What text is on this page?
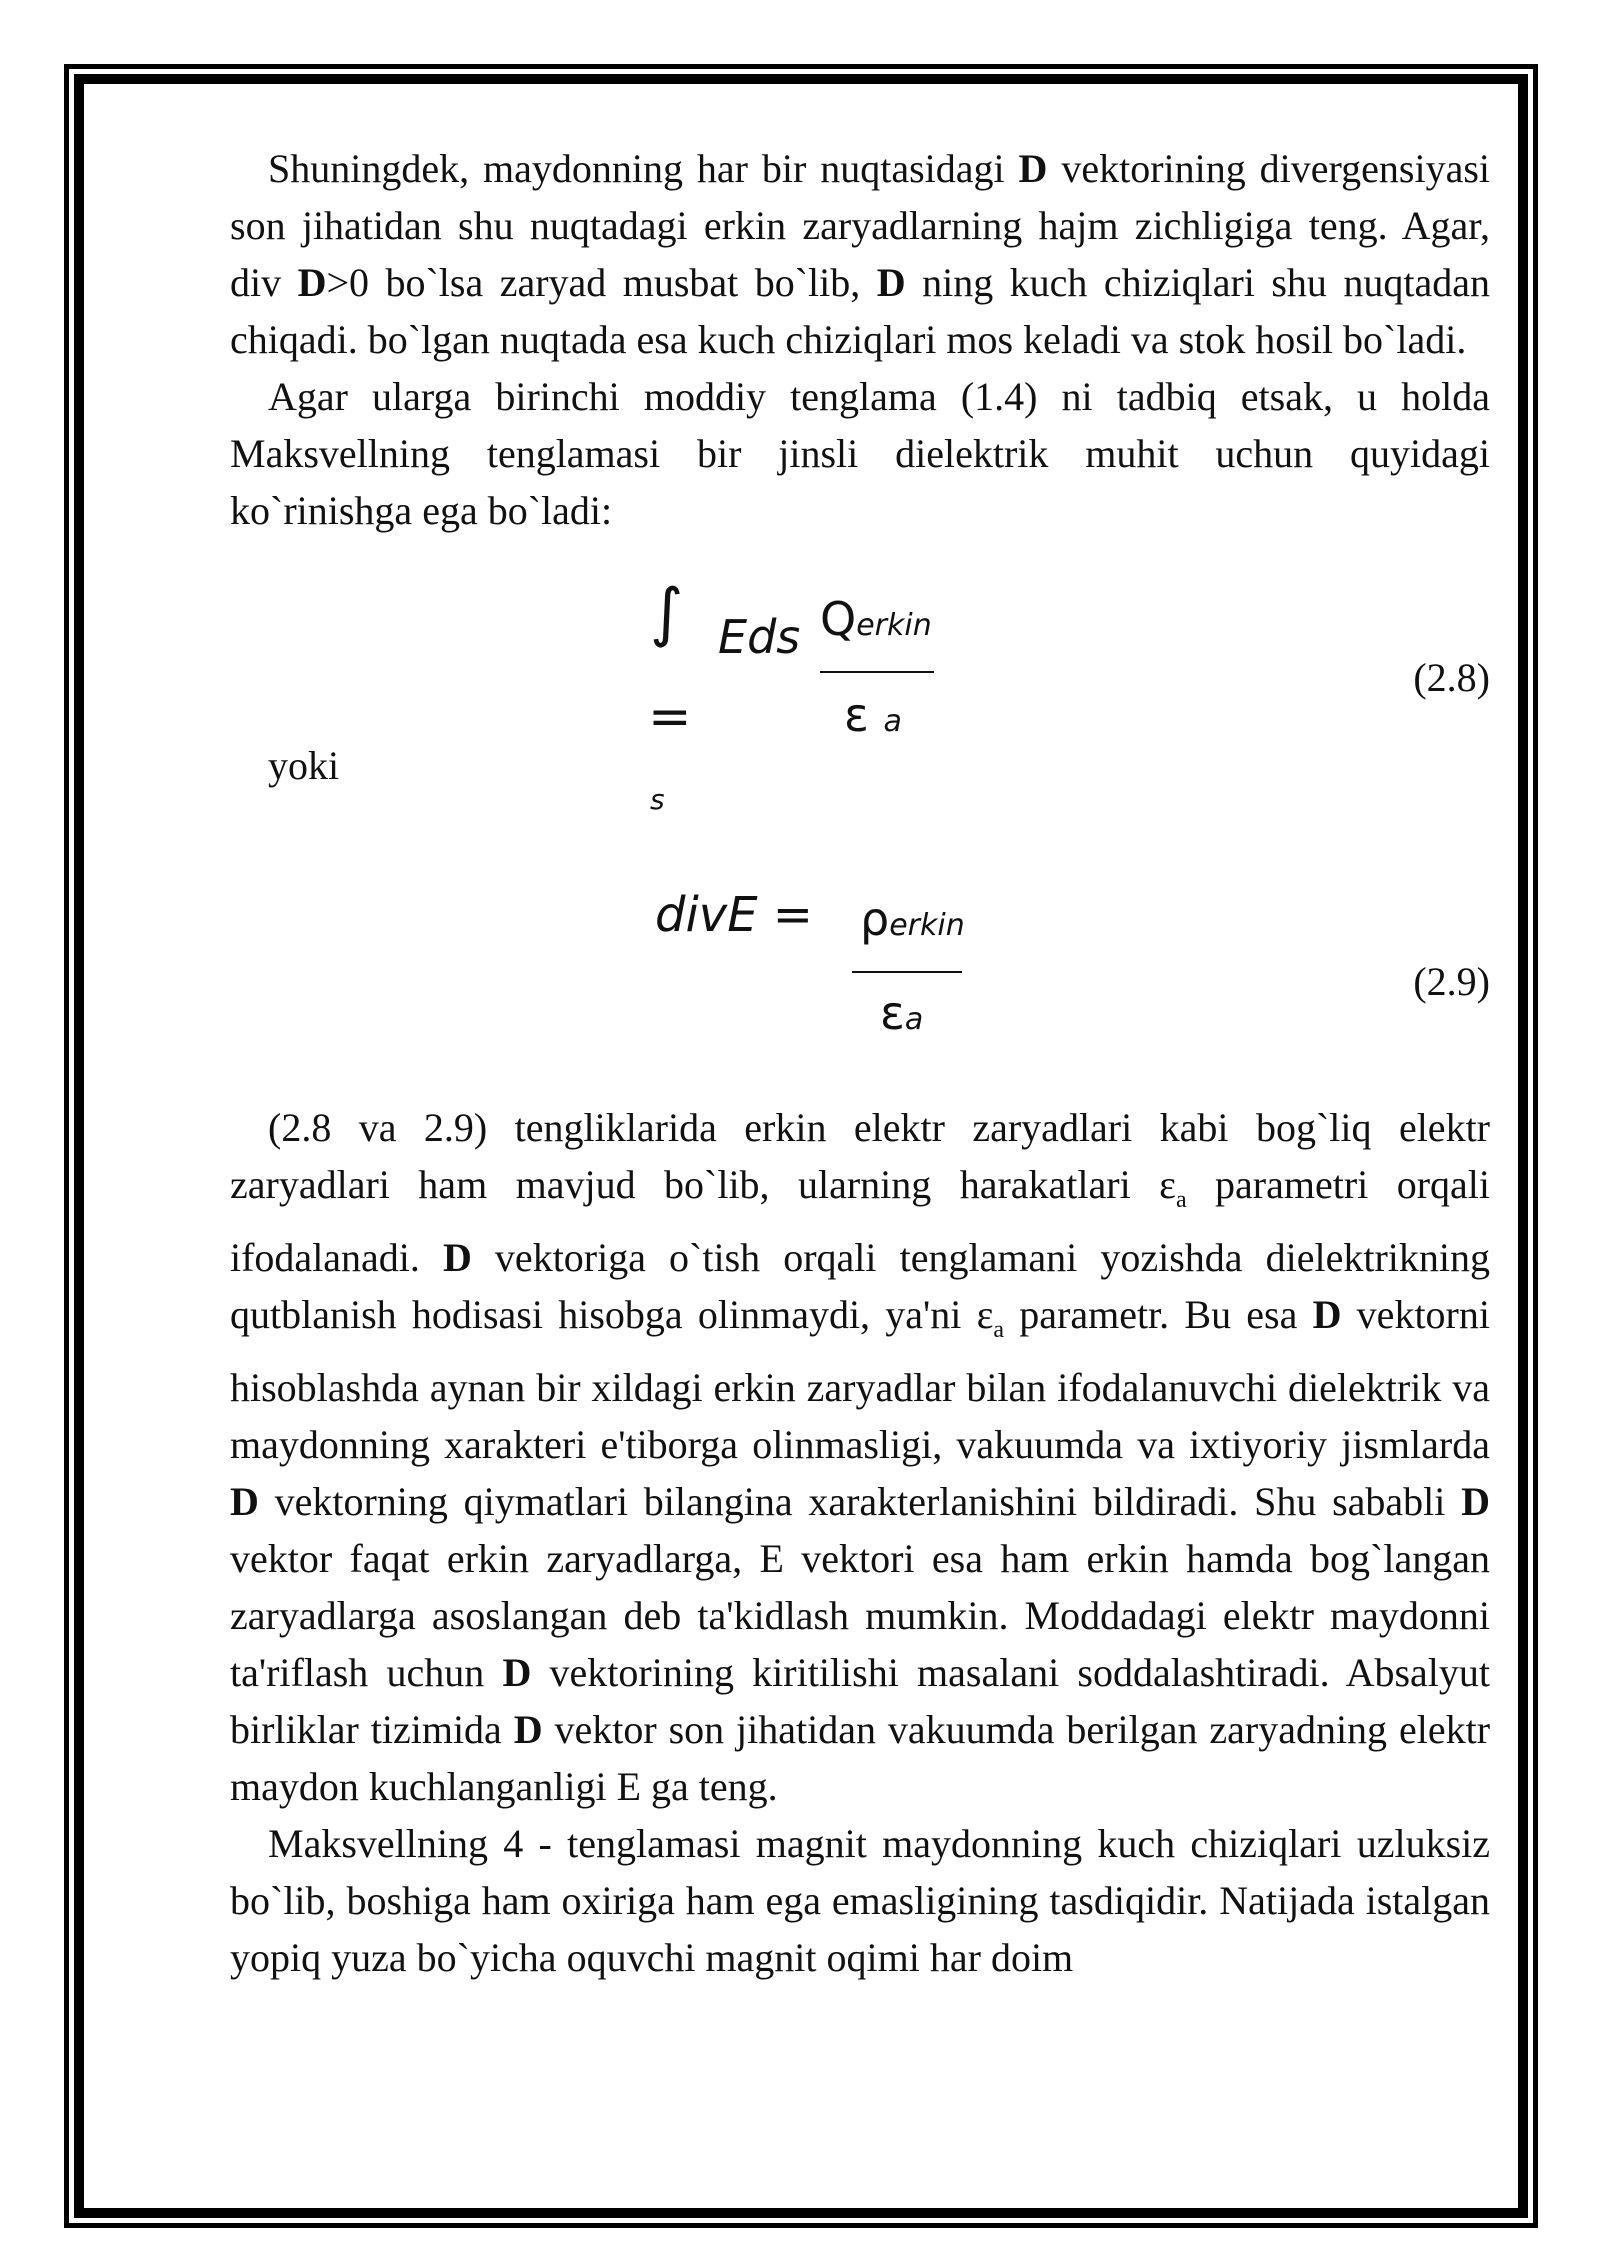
Shuningdek, maydonning har bir nuqtasidagi D vektorining divergensiyasi son jihatidan shu nuqtadagi erkin zaryadlarning hajm zichligiga teng. Agar, div D>0 bo`lsa zaryad musbat bo`lib, D ning kuch chiziqlari shu nuqtadan chiqadi. bo`lgan nuqtada esa kuch chiziqlari mos keladi va stok hosil bo`ladi.

Agar ularga birinchi moddiy tenglama (1.4) ni tadbiq etsak, u holda Maksvellning tenglamasi bir jinsli dielektrik muhit uchun quyidagi ko`rinishga ega bo`ladi:

∫ Eds
=
s
Qerkin
ε a
(2.8)
yoki
divE = ρerkin
εa
(2.9)

(2.8 va 2.9) tengliklarida erkin elektr zaryadlari kabi bog`liq elektr zaryadlari ham mavjud bo`lib, ularning harakatlari $\varepsilon_a$ parametri orqali ifodalanadi. D vektoriga o`tish orqali tenglamani yozishda dielektrikning qutblanish hodisasi hisobga olinmaydi, ya'ni $\varepsilon_a$ parametr. Bu esa D vektorni hisoblashda aynan bir xildagi erkin zaryadlar bilan ifodalanuvchi dielektrik va maydonning xarakteri e'tiborga olinmasligi, vakuumda va ixtiyoriy jismlarda D vektorning qiymatlari bilangina xarakterlanishini bildiradi. Shu sababli D vektor faqat erkin zaryadlarga, E vektori esa ham erkin hamda bog`langan zaryadlarga asoslangan deb ta'kidlash mumkin. Moddadagi elektr maydonni ta'riflash uchun D vektorining kiritilishi masalani soddalashtiradi. Absalyut birliklar tizimida D vektor son jihatidan vakuumda berilgan zaryadning elektr maydon kuchlanganligi E ga teng.

Maksvellning 4 - tenglamasi magnit maydonning kuch chiziqlari uzluksiz bo`lib, boshiga ham oxiriga ham ega emasligining tasdiqidir. Natijada istalgan yopiq yuza bo`yicha oquvchi magnit oqimi har doim
